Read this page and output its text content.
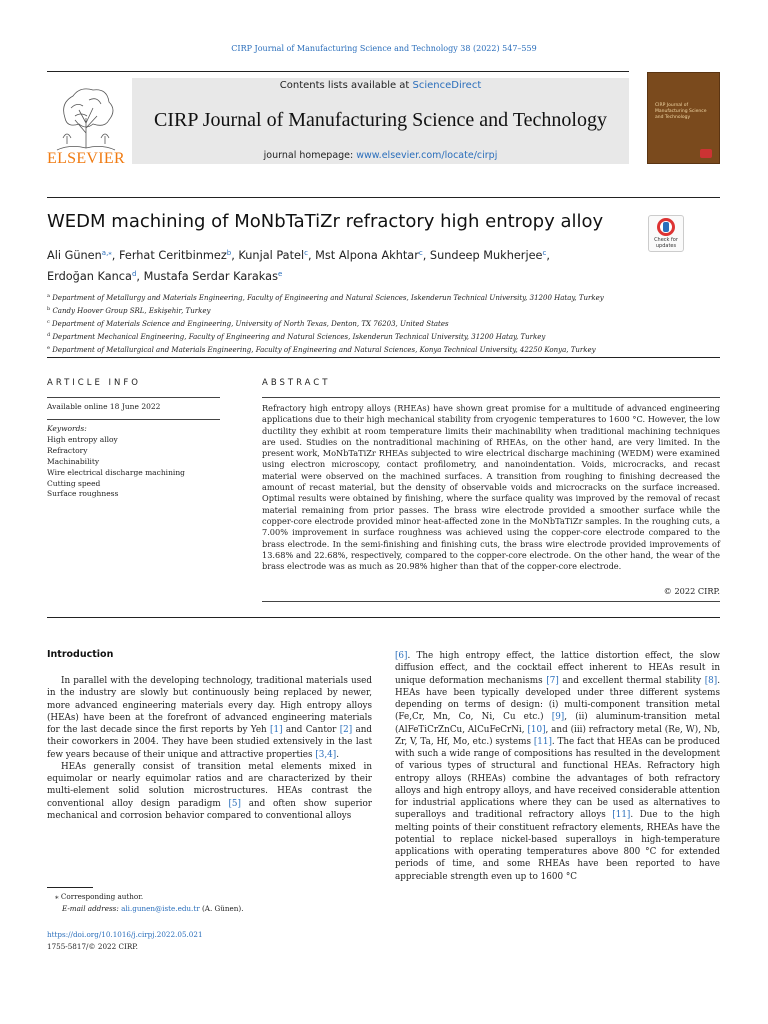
CIRP Journal of Manufacturing Science and Technology 38 (2022) 547–559
ELSEVIER
Contents lists available at ScienceDirect
CIRP Journal of Manufacturing Science and Technology
journal homepage: www.elsevier.com/locate/cirpj
CIRP Journal of Manufacturing Science and Technology
WEDM machining of MoNbTaTiZr refractory high entropy alloy
Check for updates
Ali Günen$^{a,⁎}$, Ferhat Ceritbinmez$^b$, Kunjal Patel$^c$, Mst Alpona Akhtar$^c$, Sundeep Mukherjee$^c$,
Erdoğan Kanca$^d$, Mustafa Serdar Karakas$^e$
$^a$ Department of Metallurgy and Materials Engineering, Faculty of Engineering and Natural Sciences, Iskenderun Technical University, 31200 Hatay, Turkey
$^b$ Candy Hoover Group SRL, Eskişehir, Turkey
$^c$ Department of Materials Science and Engineering, University of North Texas, Denton, TX 76203, United States
$^d$ Department Mechanical Engineering, Faculty of Engineering and Natural Sciences, Iskenderun Technical University, 31200 Hatay, Turkey
$^e$ Department of Metallurgical and Materials Engineering, Faculty of Engineering and Natural Sciences, Konya Technical University, 42250 Konya, Turkey
ARTICLE INFO
Available online 18 June 2022
Keywords:
High entropy alloy
Refractory
Machinability
Wire electrical discharge machining
Cutting speed
Surface roughness
ABSTRACT
Refractory high entropy alloys (RHEAs) have shown great promise for a multitude of advanced engineering applications due to their high mechanical stability from cryogenic temperatures to 1600 °C. However, the low ductility they exhibit at room temperature limits their machinability when traditional machining techniques are used. Studies on the nontraditional machining of RHEAs, on the other hand, are very limited. In the present work, MoNbTaTiZr RHEAs subjected to wire electrical discharge machining (WEDM) were examined using electron microscopy, contact profilometry, and nanoindentation. Voids, microcracks, and recast material were observed on the machined surfaces. A transition from roughing to finishing decreased the amount of recast material, but the density of observable voids and microcracks on the surface increased. Optimal results were obtained by finishing, where the surface quality was improved by the removal of recast material remaining from prior passes. The brass wire electrode provided a smoother surface while the copper-core electrode provided minor heat-affected zone in the MoNbTaTiZr samples. In the roughing cuts, a 7.00% improvement in surface roughness was achieved using the copper-core electrode compared to the brass electrode. In the semi-finishing and finishing cuts, the brass wire electrode provided improvements of 13.68% and 22.68%, respectively, compared to the copper-core electrode. On the other hand, the wear of the brass electrode was as much as 20.98% higher than that of the copper-core electrode.
© 2022 CIRP.
Introduction

In parallel with the developing technology, traditional materials used in the industry are slowly but continuously being replaced by newer, more advanced engineering materials every day. High entropy alloys (HEAs) have been at the forefront of advanced engineering materials for the last decade since the first reports by Yeh [1] and Cantor [2] and their coworkers in 2004. They have been studied extensively in the last few years because of their unique and attractive properties [3,4].

HEAs generally consist of transition metal elements mixed in equimolar or nearly equimolar ratios and are characterized by their multi-element solid solution microstructures. HEAs contrast the conventional alloy design paradigm [5] and often show superior mechanical and corrosion behavior compared to conventional alloys

[6]. The high entropy effect, the lattice distortion effect, the slow diffusion effect, and the cocktail effect inherent to HEAs result in unique deformation mechanisms [7] and excellent thermal stability [8]. HEAs have been typically developed under three different systems depending on terms of design: (i) multi-component transition metal (Fe,Cr, Mn, Co, Ni, Cu etc.) [9], (ii) aluminum-transition metal (AlFeTiCrZnCu, AlCuFeCrNi, [10], and (iii) refractory metal (Re, W), Nb, Zr, V, Ta, Hf, Mo, etc.) systems [11]. The fact that HEAs can be produced with such a wide range of compositions has resulted in the development of various types of structural and functional HEAs. Refractory high entropy alloys (RHEAs) combine the advantages of both refractory alloys and high entropy alloys, and have received considerable attention for industrial applications where they can be used as alternatives to superalloys and traditional refractory alloys [11]. Due to the high melting points of their constituent refractory elements, RHEAs have the potential to replace nickel-based superalloys in high-temperature applications with operating temperatures above 800 °C for extended periods of time, and some RHEAs have been reported to have appreciable strength even up to 1600 °C
⁎ Corresponding author.
E-mail address: ali.gunen@iste.edu.tr (A. Günen).
https://doi.org/10.1016/j.cirpj.2022.05.021
1755-5817/© 2022 CIRP.
